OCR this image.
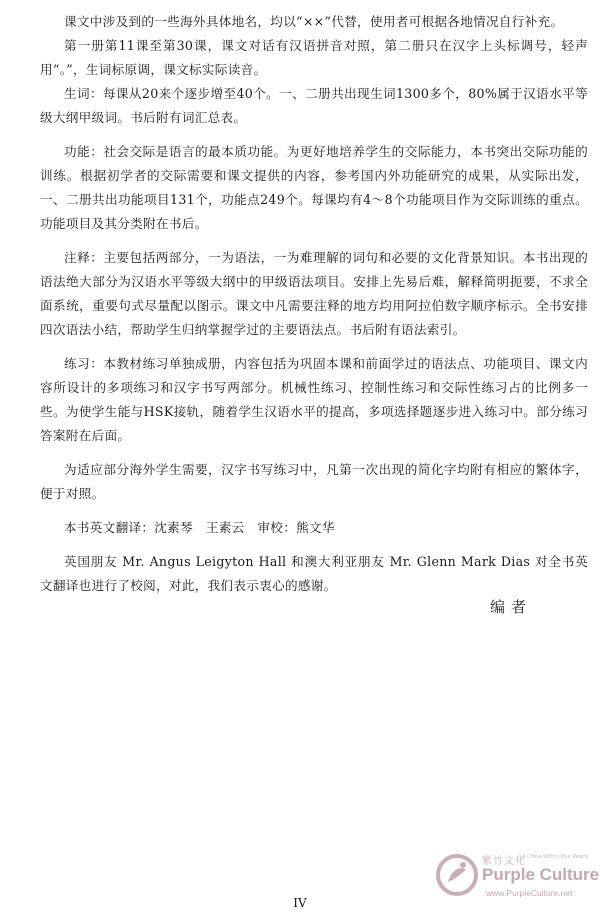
课文中涉及到的一些海外具体地名，均以“××”代替，使用者可根据各地情况自行补充。

第一册第11课至第30课，课文对话有汉语拼音对照，第二册只在汉字上头标调号，轻声用“。”，生词标原调，课文标实际读音。

生词：每课从20来个逐步增至40个。一、二册共出现生词1300多个，80%属于汉语水平等级大纲甲级词。书后附有词汇总表。

功能：社会交际是语言的最本质功能。为更好地培养学生的交际能力，本书突出交际功能的训练。根据初学者的交际需要和课文提供的内容，参考国内外功能研究的成果，从实际出发，一、二册共出功能项目131个，功能点249个。每课均有4～8个功能项目作为交际训练的重点。功能项目及其分类附在书后。

注释：主要包括两部分，一为语法，一为难理解的词句和必要的文化背景知识。本书出现的语法绝大部分为汉语水平等级大纲中的甲级语法项目。安排上先易后难，解释简明扼要，不求全面系统，重要句式尽量配以图示。课文中凡需要注释的地方均用阿拉伯数字顺序标示。全书安排四次语法小结，帮助学生归纳掌握学过的主要语法点。书后附有语法索引。

练习：本教材练习单独成册，内容包括为巩固本课和前面学过的语法点、功能项目、课文内容所设计的多项练习和汉字书写两部分。机械性练习、控制性练习和交际性练习占的比例多一些。为使学生能与HSK接轨，随着学生汉语水平的提高，多项选择题逐步进入练习中。部分练习答案附在后面。

为适应部分海外学生需要，汉字书写练习中，凡第一次出现的简化字均附有相应的繁体字，便于对照。

本书英文翻译：沈素琴　王素云　审校：熊文华

英国朋友 Mr. Angus Leigyton Hall 和澳大利亚朋友 Mr. Glenn Mark Dias 对全书英文翻译也进行了校阅，对此，我们表示衷心的感谢。

编者
紫竹文化
A China Within Your Reach
Purple Culture
www.PurpleCulture.net
IV
